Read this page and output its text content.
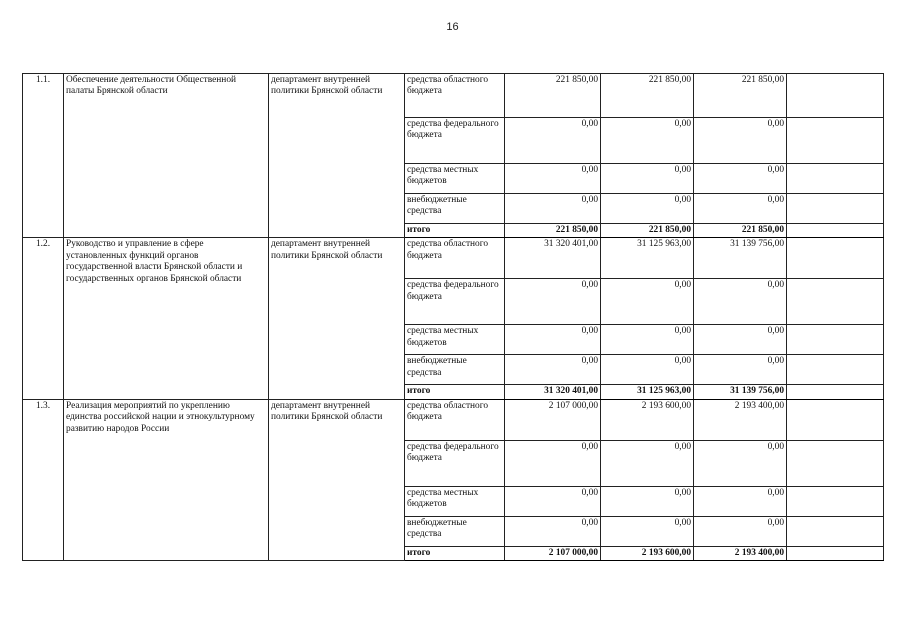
16
1.1.	Обеспечение деятельности Общественной палаты Брянской области	департамент внутренней политики Брянской области	средства областного бюджета	221 850,00	221 850,00	221 850,00	
			средства федерального бюджета	0,00	0,00	0,00	
			средства местных бюджетов	0,00	0,00	0,00	
			внебюджетные средства	0,00	0,00	0,00	
			итого	221 850,00	221 850,00	221 850,00	
1.2.	Руководство и управление в сфере установленных функций органов государственной власти Брянской области и государственных органов Брянской области	департамент внутренней политики Брянской области	средства областного бюджета	31 320 401,00	31 125 963,00	31 139 756,00	
			средства федерального бюджета	0,00	0,00	0,00	
			средства местных бюджетов	0,00	0,00	0,00	
			внебюджетные средства	0,00	0,00	0,00	
			итого	31 320 401,00	31 125 963,00	31 139 756,00	
1.3.	Реализация мероприятий по укреплению единства российской нации и этнокультурному развитию народов России	департамент внутренней политики Брянской области	средства областного бюджета	2 107 000,00	2 193 600,00	2 193 400,00	
			средства федерального бюджета	0,00	0,00	0,00	
			средства местных бюджетов	0,00	0,00	0,00	
			внебюджетные средства	0,00	0,00	0,00	
			итого	2 107 000,00	2 193 600,00	2 193 400,00	
